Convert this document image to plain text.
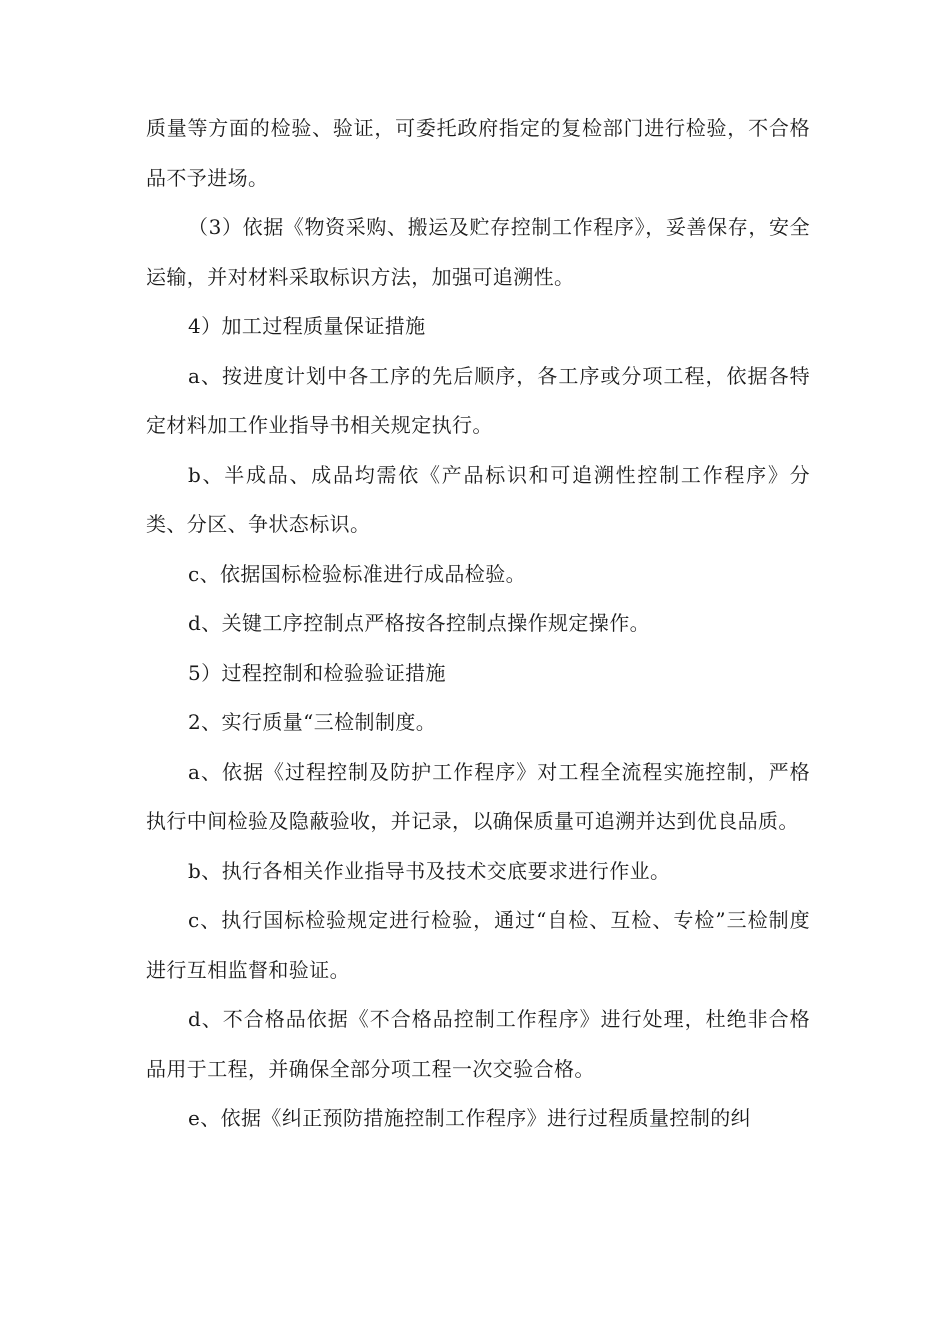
质量等方面的检验、验证，可委托政府指定的复检部门进行检验，不合格品不予进场。

（3）依据《物资采购、搬运及贮存控制工作程序》，妥善保存，安全运输，并对材料采取标识方法，加强可追溯性。

4）加工过程质量保证措施

a、按进度计划中各工序的先后顺序，各工序或分项工程，依据各特定材料加工作业指导书相关规定执行。

b、半成品、成品均需依《产品标识和可追溯性控制工作程序》分类、分区、争状态标识。

c、依据国标检验标准进行成品检验。

d、关键工序控制点严格按各控制点操作规定操作。

5）过程控制和检验验证措施

2、实行质量“三检制制度。

a、依据《过程控制及防护工作程序》对工程全流程实施控制，严格执行中间检验及隐蔽验收，并记录，以确保质量可追溯并达到优良品质。

b、执行各相关作业指导书及技术交底要求进行作业。

c、执行国标检验规定进行检验，通过“自检、互检、专检”三检制度进行互相监督和验证。

d、不合格品依据《不合格品控制工作程序》进行处理，杜绝非合格品用于工程，并确保全部分项工程一次交验合格。

e、依据《纠正预防措施控制工作程序》进行过程质量控制的纠
